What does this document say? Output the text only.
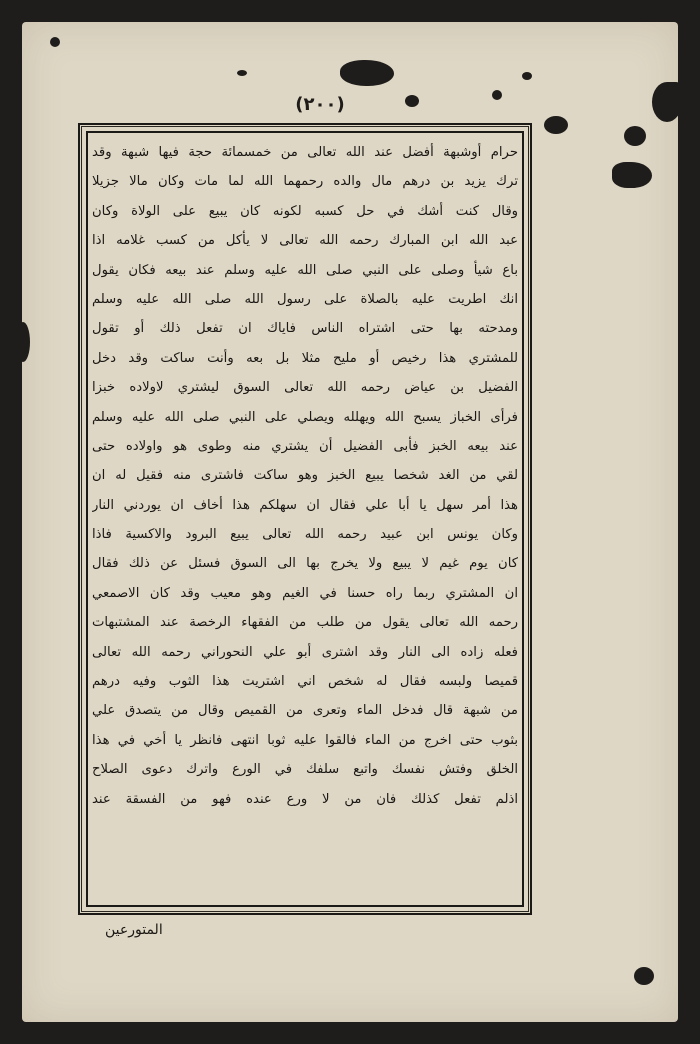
(٢٠٠)
حرام أوشبهة أفضل عند الله تعالى من خمسمائة حجة فيها شبهة وقد
ترك يزيد بن درهم مال والده رحمهما الله لما مات وكان مالا جزيلا
وقال كنت أشك في حل كسبه لكونه كان يبيع على الولاة وكان
عبد الله ابن المبارك رحمه الله تعالى لا يأكل من كسب غلامه اذا
باع شيأ وصلى على النبي صلى الله عليه وسلم عند بيعه فكان يقول
انك اطريت عليه بالصلاة على رسول الله صلى الله عليه وسلم
ومدحته بها حتى اشتراه الناس فاياك ان تفعل ذلك أو تقول
للمشتري هذا رخيص أو مليح مثلا بل بعه وأنت ساكت وقد دخل
الفضيل بن عياض رحمه الله تعالى السوق ليشتري لاولاده خبزا
فرأى الخباز يسبح الله ويهلله ويصلي على النبي صلى الله عليه وسلم
عند بيعه الخبز فأبى الفضيل أن يشتري منه وطوى هو واولاده حتى
لقي من الغد شخصا يبيع الخبز وهو ساكت فاشترى منه فقيل له ان
هذا أمر سهل يا أبا علي فقال ان سهلكم هذا أخاف ان يوردني النار
وكان يونس ابن عبيد رحمه الله تعالى يبيع البرود والاكسية فاذا
كان يوم غيم لا يبيع ولا يخرج بها الى السوق فسئل عن ذلك فقال
ان المشتري ربما راه حسنا في الغيم وهو معيب وقد كان الاصمعي
رحمه الله تعالى يقول من طلب من الفقهاء الرخصة عند المشتبهات
فعله زاده الى النار وقد اشترى أبو علي النحوراني رحمه الله تعالى
قميصا ولبسه فقال له شخص اني اشتريت هذا الثوب وفيه درهم
من شبهة قال فدخل الماء وتعرى من القميص وقال من يتصدق علي
بثوب حتى اخرج من الماء فالقوا عليه ثوبا انتهى فانظر يا أخي في هذا
الخلق وفتش نفسك واتبع سلفك في الورع واترك دعوى الصلاح
اذلم تفعل كذلك فان من لا ورع عنده فهو من الفسقة عند
المتورعين
